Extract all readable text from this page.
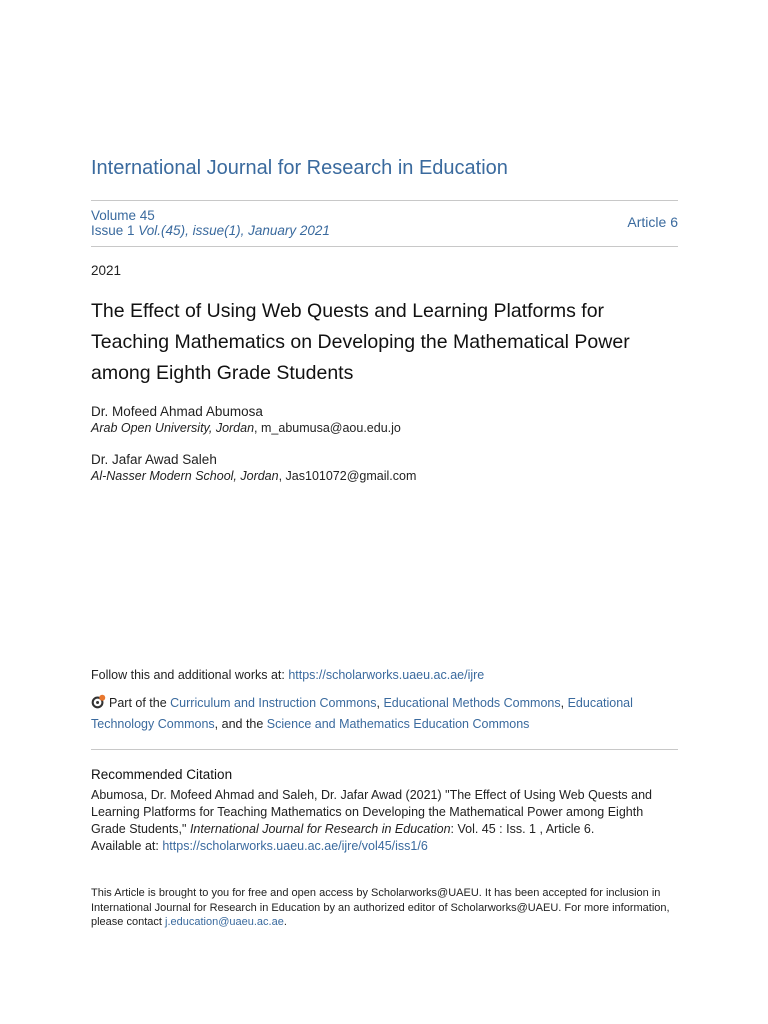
International Journal for Research in Education
Volume 45
Issue 1 Vol.(45), issue(1), January 2021
Article 6
2021
The Effect of Using Web Quests and Learning Platforms for Teaching Mathematics on Developing the Mathematical Power among Eighth Grade Students
Dr. Mofeed Ahmad Abumosa
Arab Open University, Jordan, m_abumusa@aou.edu.jo
Dr. Jafar Awad Saleh
Al-Nasser Modern School, Jordan, Jas101072@gmail.com
Follow this and additional works at: https://scholarworks.uaeu.ac.ae/ijre
Part of the Curriculum and Instruction Commons, Educational Methods Commons, Educational Technology Commons, and the Science and Mathematics Education Commons
Recommended Citation
Abumosa, Dr. Mofeed Ahmad and Saleh, Dr. Jafar Awad (2021) "The Effect of Using Web Quests and Learning Platforms for Teaching Mathematics on Developing the Mathematical Power among Eighth Grade Students," International Journal for Research in Education: Vol. 45 : Iss. 1 , Article 6.
Available at: https://scholarworks.uaeu.ac.ae/ijre/vol45/iss1/6
This Article is brought to you for free and open access by Scholarworks@UAEU. It has been accepted for inclusion in International Journal for Research in Education by an authorized editor of Scholarworks@UAEU. For more information, please contact j.education@uaeu.ac.ae.
